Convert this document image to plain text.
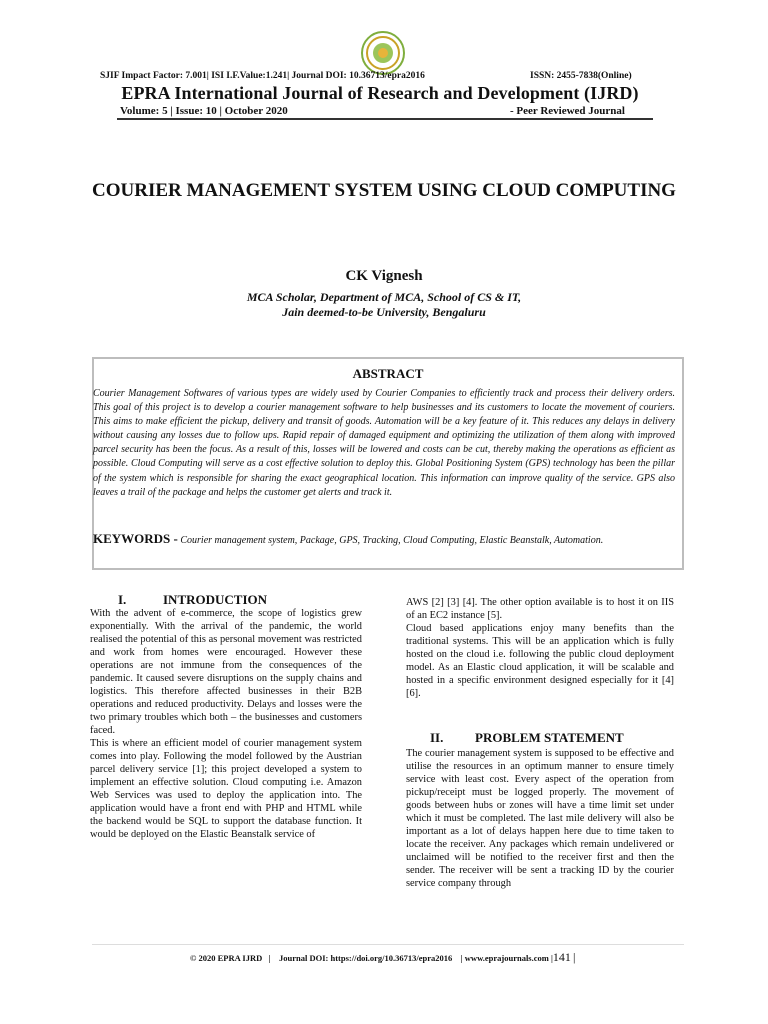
SJIF Impact Factor: 7.001| ISI I.F.Value:1.241| Journal DOI: 10.36713/epra2016	ISSN: 2455-7838(Online)
EPRA International Journal of Research and Development (IJRD)
Volume: 5 | Issue: 10 | October 2020	- Peer Reviewed Journal
COURIER MANAGEMENT SYSTEM USING CLOUD COMPUTING
CK Vignesh
MCA Scholar, Department of MCA, School of CS & IT,
Jain deemed-to-be University, Bengaluru
ABSTRACT
Courier Management Softwares of various types are widely used by Courier Companies to efficiently track and process their delivery orders. This goal of this project is to develop a courier management software to help businesses and its customers to locate the movement of couriers. This aims to make efficient the pickup, delivery and transit of goods. Automation will be a key feature of it. This reduces any delays in delivery without causing any losses due to follow ups. Rapid repair of damaged equipment and optimizing the utilization of them along with improved parcel security has been the focus. As a result of this, losses will be lowered and costs can be cut, thereby making the operations as efficient as possible. Cloud Computing will serve as a cost effective solution to deploy this. Global Positioning System (GPS) technology has been the pillar of the system which is responsible for sharing the exact geographical location. This information can improve quality of the service. GPS also leaves a trail of the package and helps the customer get alerts and track it.
KEYWORDS - Courier management system, Package, GPS, Tracking, Cloud Computing, Elastic Beanstalk, Automation.
I.	INTRODUCTION

With the advent of e-commerce, the scope of logistics grew exponentially. With the arrival of the pandemic, the world realised the potential of this as personal movement was restricted and work from homes were encouraged. However these operations are not immune from the consequences of the pandemic. It caused severe disruptions on the supply chains and logistics. This therefore affected businesses in their B2B operations and reduced productivity. Delays and losses were the two primary troubles which both – the businesses and customers faced.

This is where an efficient model of courier management system comes into play. Following the model followed by the Austrian parcel delivery service [1]; this project developed a system to implement an effective solution. Cloud computing i.e. Amazon Web Services was used to deploy the application into. The application would have a front end with PHP and HTML while the backend would be SQL to support the database function. It would be deployed on the Elastic Beanstalk service of

AWS [2] [3] [4]. The other option available is to host it on IIS of an EC2 instance [5].

Cloud based applications enjoy many benefits than the traditional systems. This will be an application which is fully hosted on the cloud i.e. following the public cloud deployment model. As an Elastic cloud application, it will be scalable and hosted in a specific environment designed especially for it [4] [6].

II. PROBLEM STATEMENT

The courier management system is supposed to be effective and utilise the resources in an optimum manner to ensure timely service with least cost. Every aspect of the operation from pickup/receipt must be logged properly. The movement of goods between hubs or zones will have a time limit set under which it must be completed. The last mile delivery will also be important as a lot of delays happen here due to time taken to locate the receiver. Any packages which remain undelivered or unclaimed will be notified to the receiver first and then the sender. The receiver will be sent a tracking ID by the courier service company through

© 2020 EPRA IJRD | Journal DOI: https://doi.org/10.36713/epra2016 | www.eprajournals.com |141 |
